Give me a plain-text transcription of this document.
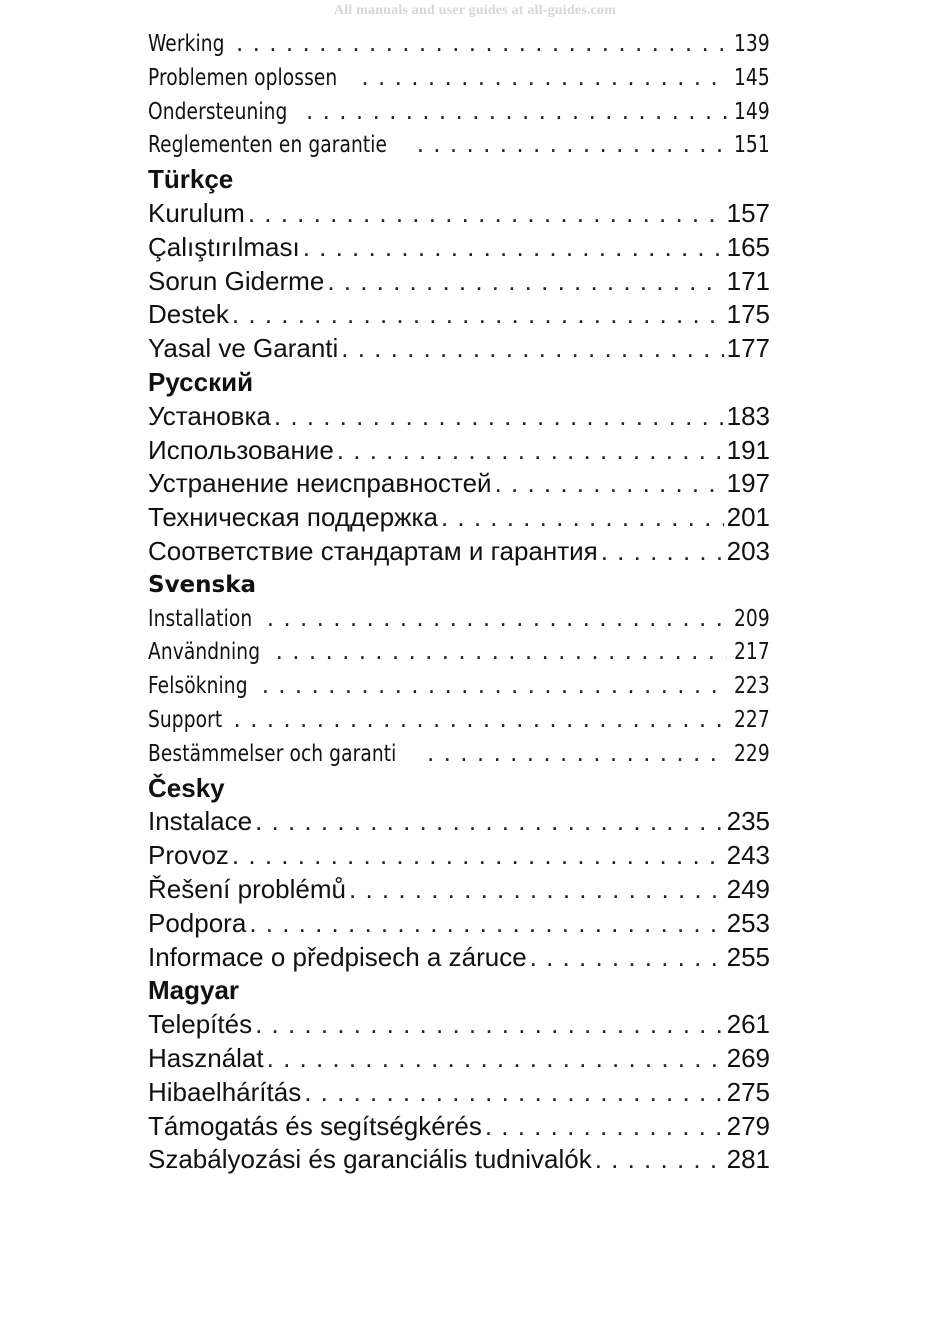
All manuals and user guides at all-guides.com
Werking . . .	139
Problemen oplossen . . .	145
Ondersteuning . . .	149
Reglementen en garantie . . .	151
Türkçe
Kurulum . . .	157
Çalıştırılması . . .	165
Sorun Giderme . . .	171
Destek . . .	175
Yasal ve Garanti . . .	177
Русский
Установка . . .	183
Использование . . .	191
Устранение неисправностей . . .	197
Техническая поддержка . . .	201
Соответствие стандартам и гарантия . . .	203
Svenska
Installation . . .	209
Användning . . .	217
Felsökning . . .	223
Support . . .	227
Bestämmelser och garanti . . .	229
Česky
Instalace . . .	235
Provoz . . .	243
Řešení problémů . . .	249
Podpora . . .	253
Informace o předpisech a záruce . . .	255
Magyar
Telepítés . . .	261
Használat . . .	269
Hibaelhárítás . . .	275
Támogatás és segítségkérés . . .	279
Szabályozási és garanciális tudnivalók . . .	281
